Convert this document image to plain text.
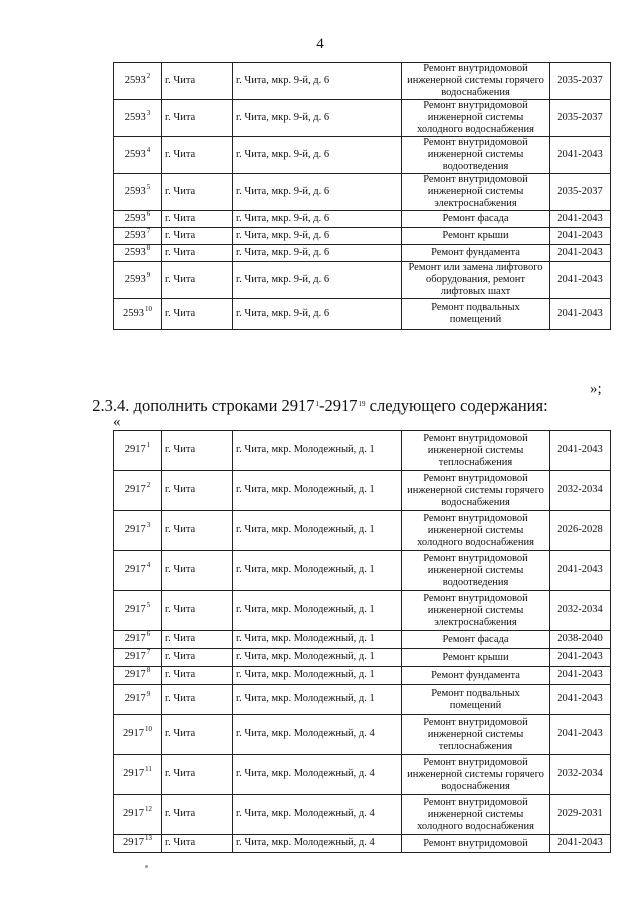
4
2593$^2$	г. Чита	г. Чита, мкр. 9-й, д. 6	Ремонт внутридомовой инженерной системы горячего водоснабжения	2035-2037
2593$^3$	г. Чита	г. Чита, мкр. 9-й, д. 6	Ремонт внутридомовой инженерной системы холодного водоснабжения	2035-2037
2593$^4$	г. Чита	г. Чита, мкр. 9-й, д. 6	Ремонт внутридомовой инженерной системы водоотведения	2041-2043
2593$^5$	г. Чита	г. Чита, мкр. 9-й, д. 6	Ремонт внутридомовой инженерной системы электроснабжения	2035-2037
2593$^6$	г. Чита	г. Чита, мкр. 9-й, д. 6	Ремонт фасада	2041-2043
2593$^7$	г. Чита	г. Чита, мкр. 9-й, д. 6	Ремонт крыши	2041-2043
2593$^8$	г. Чита	г. Чита, мкр. 9-й, д. 6	Ремонт фундамента	2041-2043
2593$^9$	г. Чита	г. Чита, мкр. 9-й, д. 6	Ремонт или замена лифтового оборудования, ремонт лифтовых шахт	2041-2043
2593$^{10}$	г. Чита	г. Чита, мкр. 9-й, д. 6	Ремонт подвальных помещений	2041-2043
»;
2.3.4. дополнить строками 2917$^1$-2917$^{19}$ следующего содержания:
«
2917$^1$	г. Чита	г. Чита, мкр. Молодежный, д. 1	Ремонт внутридомовой инженерной системы теплоснабжения	2041-2043
2917$^2$	г. Чита	г. Чита, мкр. Молодежный, д. 1	Ремонт внутридомовой инженерной системы горячего водоснабжения	2032-2034
2917$^3$	г. Чита	г. Чита, мкр. Молодежный, д. 1	Ремонт внутридомовой инженерной системы холодного водоснабжения	2026-2028
2917$^4$	г. Чита	г. Чита, мкр. Молодежный, д. 1	Ремонт внутридомовой инженерной системы водоотведения	2041-2043
2917$^5$	г. Чита	г. Чита, мкр. Молодежный, д. 1	Ремонт внутридомовой инженерной системы электроснабжения	2032-2034
2917$^6$	г. Чита	г. Чита, мкр. Молодежный, д. 1	Ремонт фасада	2038-2040
2917$^7$	г. Чита	г. Чита, мкр. Молодежный, д. 1	Ремонт крыши	2041-2043
2917$^8$	г. Чита	г. Чита, мкр. Молодежный, д. 1	Ремонт фундамента	2041-2043
2917$^9$	г. Чита	г. Чита, мкр. Молодежный, д. 1	Ремонт подвальных помещений	2041-2043
2917$^{10}$	г. Чита	г. Чита, мкр. Молодежный, д. 4	Ремонт внутридомовой инженерной системы теплоснабжения	2041-2043
2917$^{11}$	г. Чита	г. Чита, мкр. Молодежный, д. 4	Ремонт внутридомовой инженерной системы горячего водоснабжения	2032-2034
2917$^{12}$	г. Чита	г. Чита, мкр. Молодежный, д. 4	Ремонт внутридомовой инженерной системы холодного водоснабжения	2029-2031
2917$^{13}$	г. Чита	г. Чита, мкр. Молодежный, д. 4	Ремонт внутридомовой	2041-2043
